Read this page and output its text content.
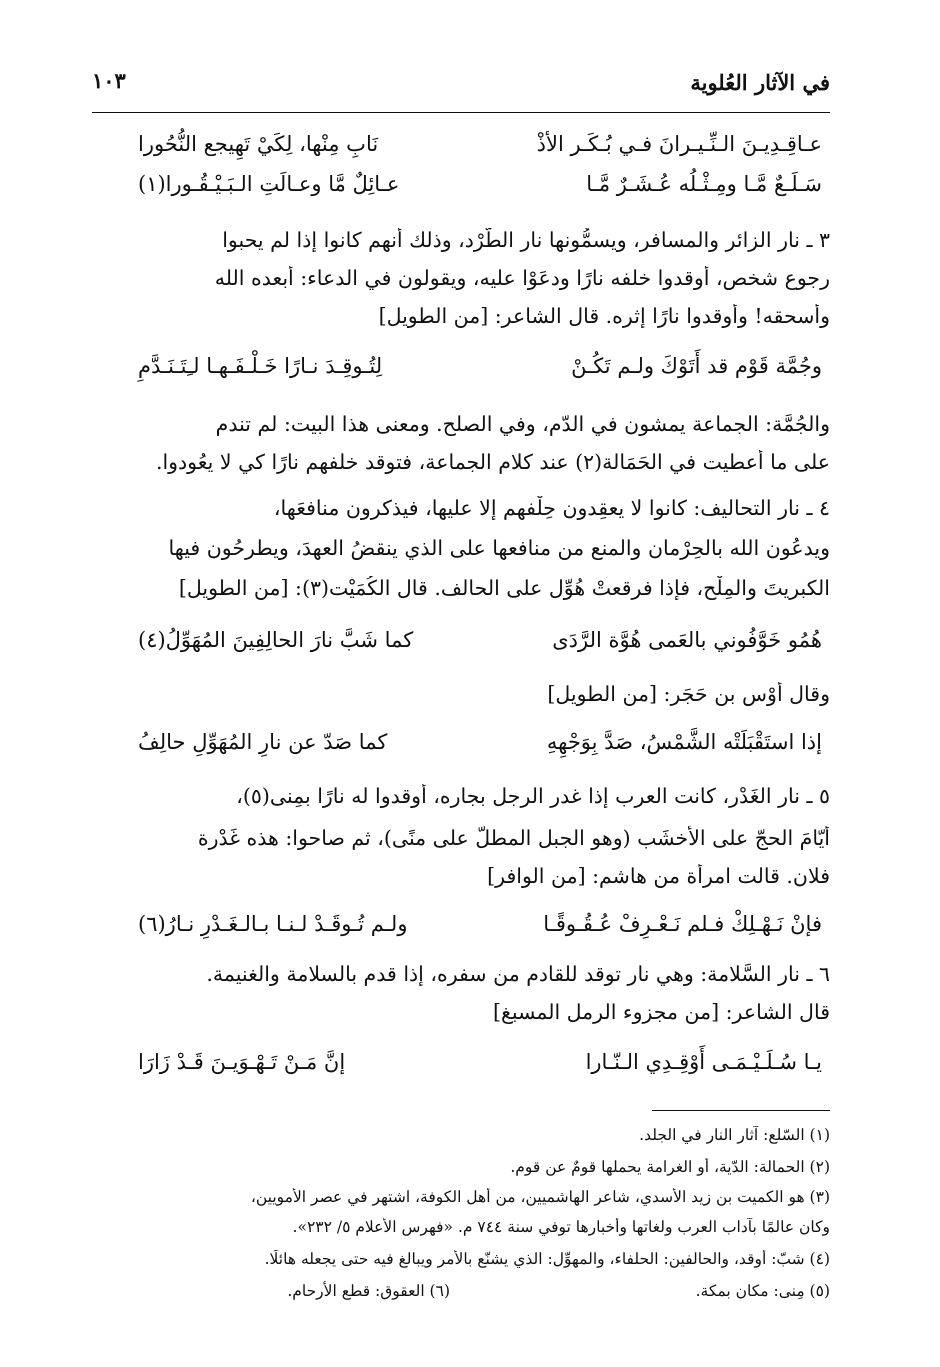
في الآثار العُلوية
١٠٣
عـاقِـدِيـنَ الـنِّـيـرانَ فـي بُـكَـر الأذْ
نَابِ مِنْها، لِكَيْ تَهِيجع النُّحُورا
سَـلَـعٌ مَّـا ومِـثْـلُه عُـشَـرٌ مَّـا
عـائِلٌ مَّا وعـالَتِ الـبَـيْـقُـورا(١)
٣ ـ نار الزائر والمسافر، ويسمُّونها نار الطَّرْد، وذلك أنهم كانوا إذا لم يحبوا
رجوع شخص، أوقدوا خلفه نارًا ودعَوْا عليه، ويقولون في الدعاء: أبعده الله
وأسحقه! وأوقدوا نارًا إثره. قال الشاعر: [من الطويل]
وجُمَّة قَوْم قد أَتَوْكَ ولـم تَكُـنْ
لِتُـوقِـدَ نـارًا خَـلْـفَـهـا لـِتَـنَـدَّمِ
والجُمَّة: الجماعة يمشون في الدّم، وفي الصلح. ومعنى هذا البيت: لم تندم
على ما أعطيت في الحَمَالة(٢) عند كلام الجماعة، فتوقد خلفهم نارًا كي لا يعُودوا.
٤ ـ نار التحاليف: كانوا لا يعقِدون حِلْفهم إلا عليها، فيذكرون منافعَها،
ويدعُون الله بالحِرْمان والمنع من منافعها على الذي ينقضُ العهدَ، ويطرحُون فيها
الكبريتَ والمِلْح، فإذا فرقعتْ هُوِّل على الحالف. قال الكُمَيْت(٣): [من الطويل]
هُمُو خَوَّفُوني بالعَمى هُوَّة الرَّدَى
كما شَبَّ نارَ الحالِفِينَ المُهَوِّلُ(٤)
وقال أَوْس بن حَجَر: [من الطويل]
إذا استَقْبَلَتْه الشَّمْسُ، صَدَّ بِوَجْهِهِ
كما صَدّ عن نارِ المُهَوِّلِ حالِفُ
٥ ـ نار الغَدْر، كانت العرب إذا غدر الرجل بجاره، أوقدوا له نارًا بمِنى(٥)،
أيّامَ الحجّ على الأخشَب (وهو الجبل المطلّ على منًى)، ثم صاحوا: هذه غَدْرة
فلان. قالت امرأة من هاشم: [من الوافر]
فإنْ نَـهْـلِكْ فـلم نَـعْـرِفْ عُـقُـوقًـا
ولـم تُـوقَـدْ لـنـا بـالـغَـدْرِ نـارُ(٦)
٦ ـ نار السَّلامة: وهي نار توقد للقادم من سفره، إذا قدم بالسلامة والغنيمة.
قال الشاعر: [من مجزوء الرمل المسبغ]
يـا سُـلَـيْـمَـى أَوْقِـدِي الـنّـارا
إنَّ مَـنْ تَـهْـوَيـنَ قَـدْ زَارَا
(١) السّلع: آثار النار في الجلد.
(٢) الحمالة: الدّية، أو الغرامة يحملها قومٌ عن قوم.
(٣) هو الكميت بن زيد الأسدي، شاعر الهاشميين، من أهل الكوفة، اشتهر في عصر الأمويين،
وكان عالمًا بآداب العرب ولغاتها وأخبارها توفي سنة ٧٤٤ م. «فهرس الأعلام ٥/ ٢٣٢».
(٤) شبّ: أوقد، والحالفين: الحلفاء، والمهوِّل: الذي يشنّع بالأمر ويبالغ فيه حتى يجعله هائلًا.
(٥) مِنى: مكان بمكة.
(٦) العقوق: قطع الأرحام.
